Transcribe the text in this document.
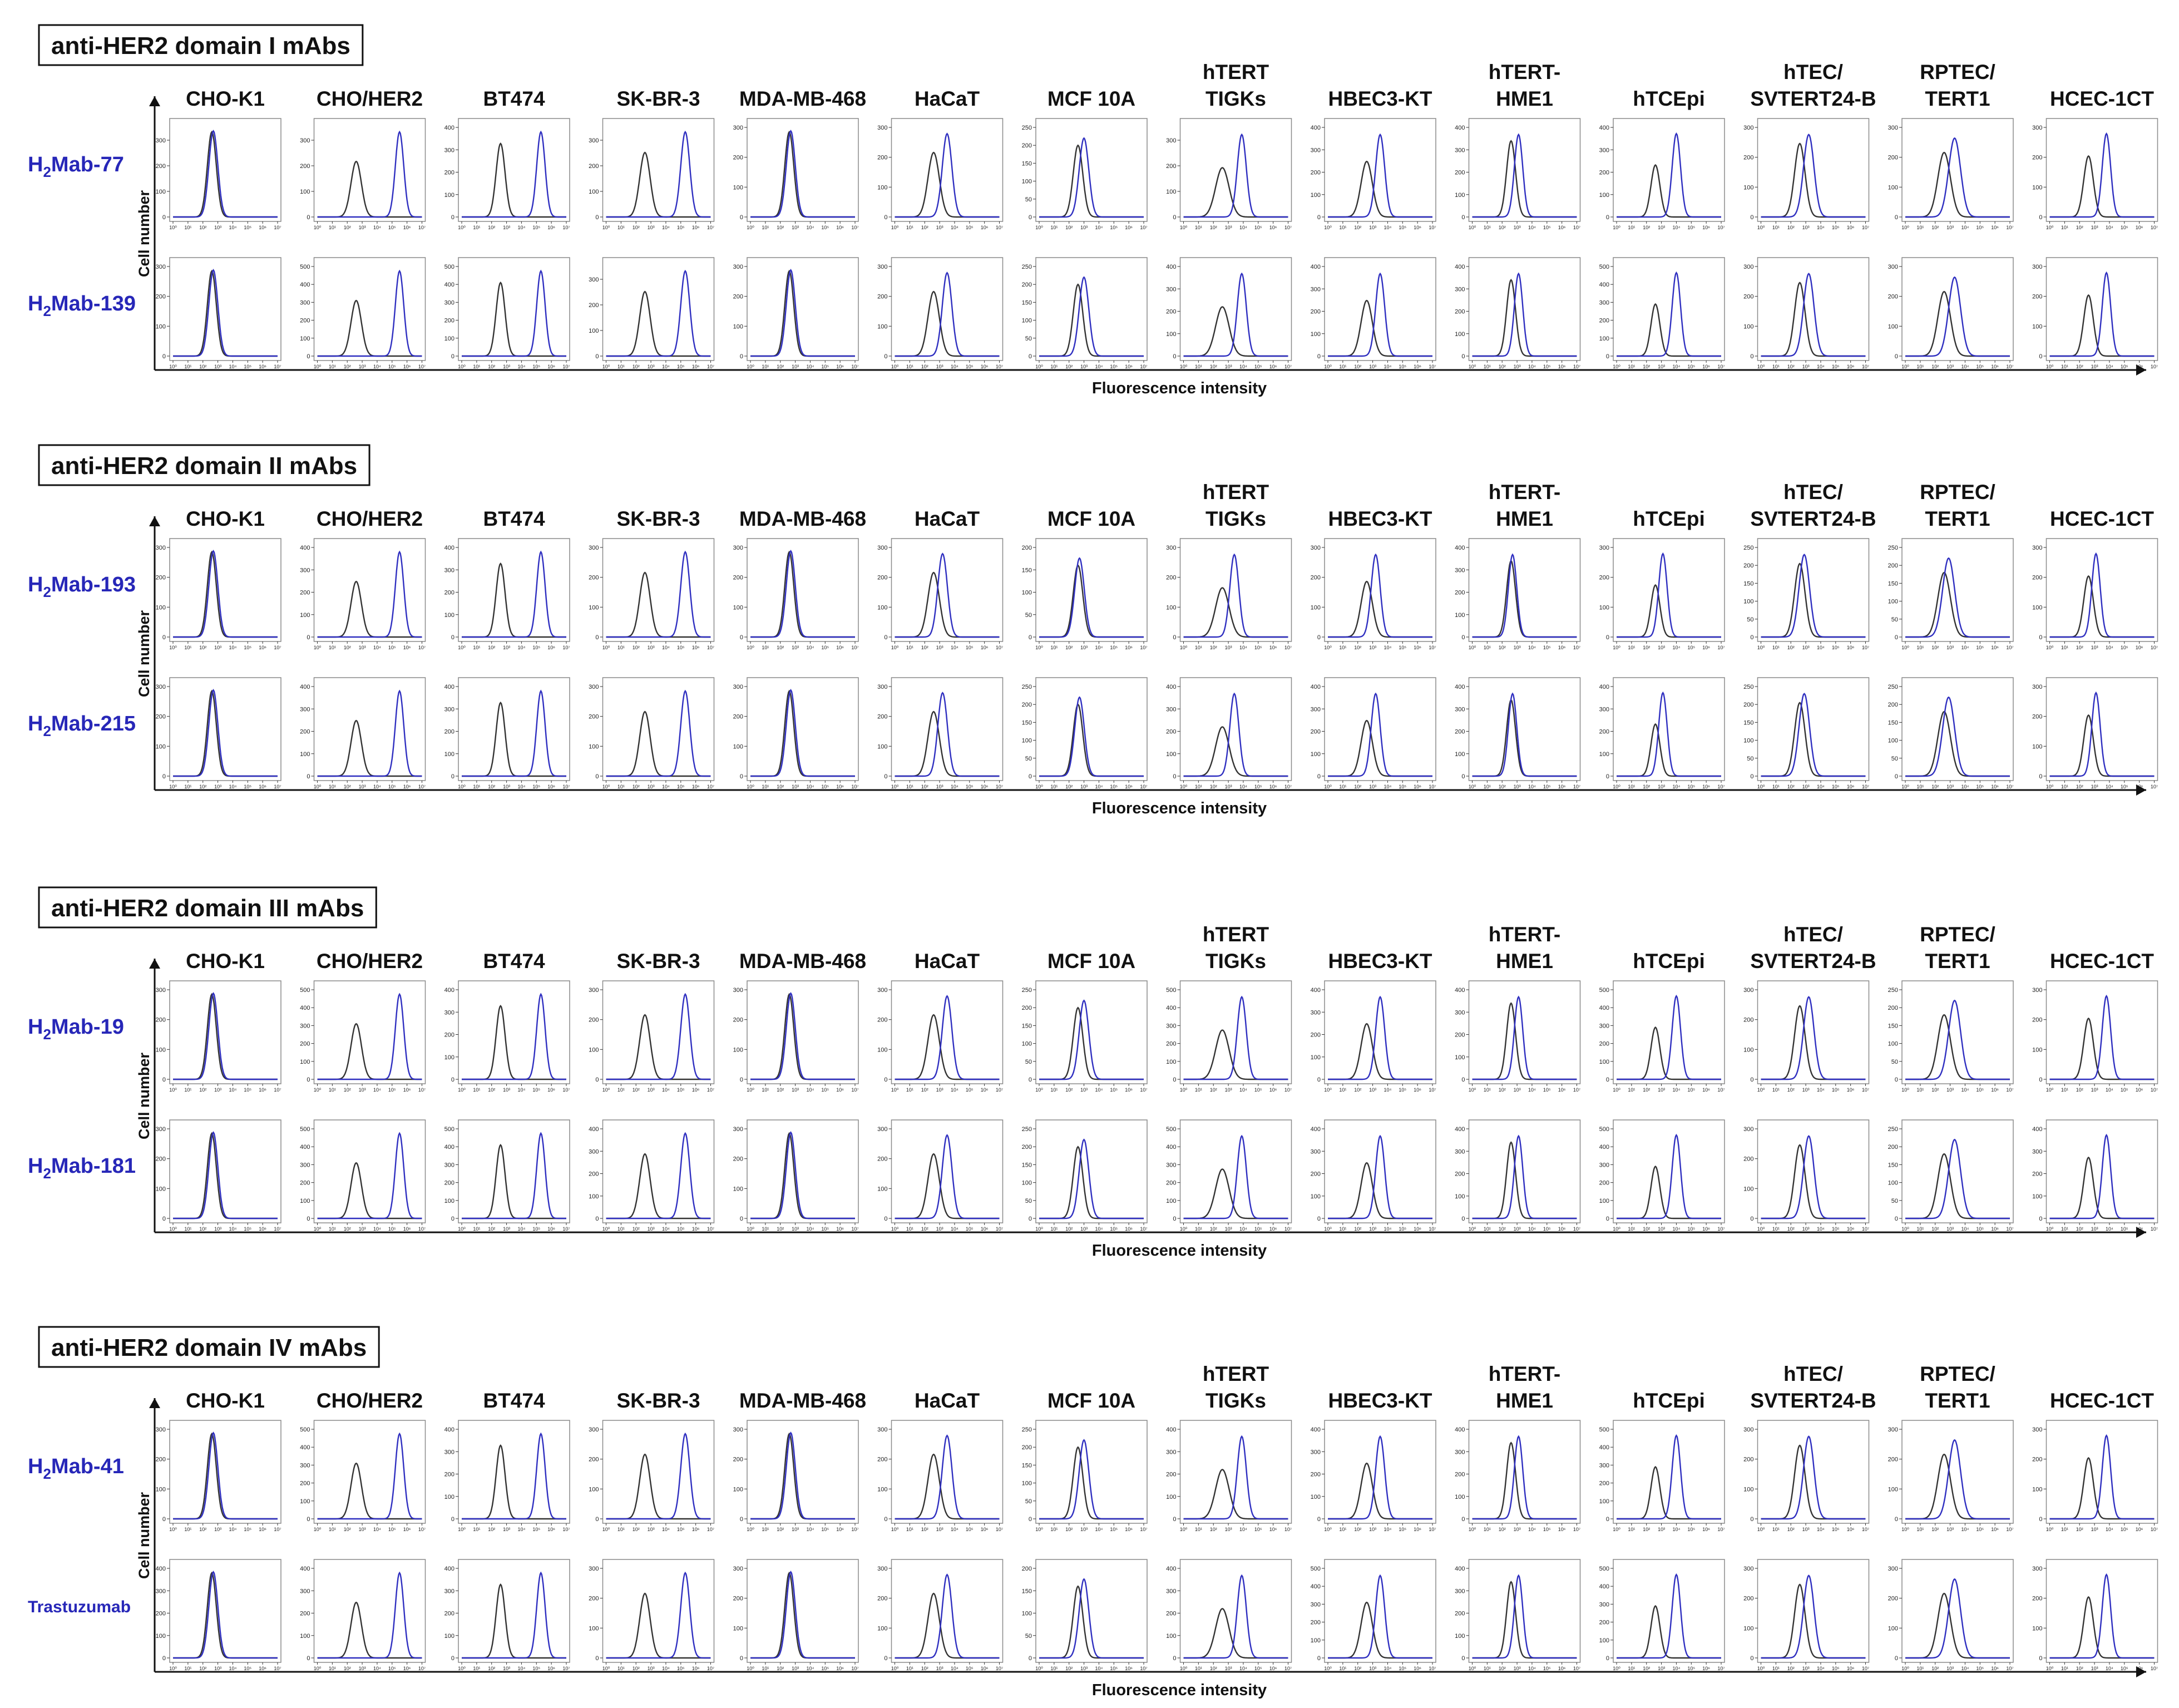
anti-HER2 domain I mAbs
CHO-K1	CHO/HER2	BT474	SK-BR-3 MDA-MB-468 HaCaT	MCF 10A
hTERT
TIGKs	HBEC3-KT
hTERT-
HME1	hTCEpi
hTEC/
SVTERT24-B
RPTEC/
TERT1	HCEC-1CT
Cell number
Fluorescence intensity
$H_2Mab-77$
0
100
200
300
10⁰ 10¹ 10² 10³ 10⁴ 10⁵ 10⁶ 10⁷
0
100
200
300
10⁰ 10¹ 10² 10³ 10⁴ 10⁵ 10⁶ 10⁷
0
100
200
300
400
10⁰ 10¹ 10² 10³ 10⁴ 10⁵ 10⁶ 10⁷
0
100
200
300
10⁰ 10¹ 10² 10³ 10⁴ 10⁵ 10⁶ 10⁷
0
100
200
300
10⁰ 10¹ 10² 10³ 10⁴ 10⁵ 10⁶ 10⁷
0
100
200
300
10⁰ 10¹ 10² 10³ 10⁴ 10⁵ 10⁶ 10⁷
0
50
100
150
200
250
10⁰ 10¹ 10² 10³ 10⁴ 10⁵ 10⁶ 10⁷
0
100
200
300
10⁰ 10¹ 10² 10³ 10⁴ 10⁵ 10⁶ 10⁷
0
100
200
300
400
10⁰ 10¹ 10² 10³ 10⁴ 10⁵ 10⁶ 10⁷
0
100
200
300
400
10⁰ 10¹ 10² 10³ 10⁴ 10⁵ 10⁶ 10⁷
0
100
200
300
400
10⁰ 10¹ 10² 10³ 10⁴ 10⁵ 10⁶ 10⁷
0
100
200
300
10⁰ 10¹ 10² 10³ 10⁴ 10⁵ 10⁶ 10⁷
0
100
200
300
10⁰ 10¹ 10² 10³ 10⁴ 10⁵ 10⁶ 10⁷
0
100
200
300
10⁰ 10¹ 10² 10³ 10⁴ 10⁵ 10⁶ 10⁷
$H_2Mab-139$
0
100
200
300
10⁰ 10¹ 10² 10³ 10⁴ 10⁵ 10⁶ 10⁷
0
100
200
300
400
500
10⁰ 10¹ 10² 10³ 10⁴ 10⁵ 10⁶ 10⁷
0
100
200
300
400
500
10⁰ 10¹ 10² 10³ 10⁴ 10⁵ 10⁶ 10⁷
0
100
200
300
10⁰ 10¹ 10² 10³ 10⁴ 10⁵ 10⁶ 10⁷
0
100
200
300
10⁰ 10¹ 10² 10³ 10⁴ 10⁵ 10⁶ 10⁷
0
100
200
300
10⁰ 10¹ 10² 10³ 10⁴ 10⁵ 10⁶ 10⁷
0
50
100
150
200
250
10⁰ 10¹ 10² 10³ 10⁴ 10⁵ 10⁶ 10⁷
0
100
200
300
400
10⁰ 10¹ 10² 10³ 10⁴ 10⁵ 10⁶ 10⁷
0
100
200
300
400
10⁰ 10¹ 10² 10³ 10⁴ 10⁵ 10⁶ 10⁷
0
100
200
300
400
10⁰ 10¹ 10² 10³ 10⁴ 10⁵ 10⁶ 10⁷
0
100
200
300
400
500
10⁰ 10¹ 10² 10³ 10⁴ 10⁵ 10⁶ 10⁷
0
100
200
300
10⁰ 10¹ 10² 10³ 10⁴ 10⁵ 10⁶ 10⁷
0
100
200
300
10⁰ 10¹ 10² 10³ 10⁴ 10⁵ 10⁶ 10⁷
0
100
200
300
10⁰ 10¹ 10² 10³ 10⁴ 10⁵ 10⁶ 10⁷
anti-HER2 domain II mAbs
CHO-K1	CHO/HER2	BT474	SK-BR-3 MDA-MB-468 HaCaT	MCF 10A
hTERT
TIGKs	HBEC3-KT
hTERT-
HME1	hTCEpi
hTEC/
SVTERT24-B
RPTEC/
TERT1	HCEC-1CT
Cell number
Fluorescence intensity
$H_2Mab-193$
0
100
200
300
10⁰ 10¹ 10² 10³ 10⁴ 10⁵ 10⁶ 10⁷
0
100
200
300
400
10⁰ 10¹ 10² 10³ 10⁴ 10⁵ 10⁶ 10⁷
0
100
200
300
400
10⁰ 10¹ 10² 10³ 10⁴ 10⁵ 10⁶ 10⁷
0
100
200
300
10⁰ 10¹ 10² 10³ 10⁴ 10⁵ 10⁶ 10⁷
0
100
200
300
10⁰ 10¹ 10² 10³ 10⁴ 10⁵ 10⁶ 10⁷
0
100
200
300
10⁰ 10¹ 10² 10³ 10⁴ 10⁵ 10⁶ 10⁷
0
50
100
150
200
10⁰ 10¹ 10² 10³ 10⁴ 10⁵ 10⁶ 10⁷
0
100
200
300
10⁰ 10¹ 10² 10³ 10⁴ 10⁵ 10⁶ 10⁷
0
100
200
300
10⁰ 10¹ 10² 10³ 10⁴ 10⁵ 10⁶ 10⁷
0
100
200
300
400
10⁰ 10¹ 10² 10³ 10⁴ 10⁵ 10⁶ 10⁷
0
100
200
300
10⁰ 10¹ 10² 10³ 10⁴ 10⁵ 10⁶ 10⁷
0
50
100
150
200
250
10⁰ 10¹ 10² 10³ 10⁴ 10⁵ 10⁶ 10⁷
0
50
100
150
200
250
10⁰ 10¹ 10² 10³ 10⁴ 10⁵ 10⁶ 10⁷
0
100
200
300
10⁰ 10¹ 10² 10³ 10⁴ 10⁵ 10⁶ 10⁷
$H_2Mab-215$
0
100
200
300
10⁰ 10¹ 10² 10³ 10⁴ 10⁵ 10⁶ 10⁷
0
100
200
300
400
10⁰ 10¹ 10² 10³ 10⁴ 10⁵ 10⁶ 10⁷
0
100
200
300
400
10⁰ 10¹ 10² 10³ 10⁴ 10⁵ 10⁶ 10⁷
0
100
200
300
10⁰ 10¹ 10² 10³ 10⁴ 10⁵ 10⁶ 10⁷
0
100
200
300
10⁰ 10¹ 10² 10³ 10⁴ 10⁵ 10⁶ 10⁷
0
100
200
300
10⁰ 10¹ 10² 10³ 10⁴ 10⁵ 10⁶ 10⁷
0
50
100
150
200
250
10⁰ 10¹ 10² 10³ 10⁴ 10⁵ 10⁶ 10⁷
0
100
200
300
400
10⁰ 10¹ 10² 10³ 10⁴ 10⁵ 10⁶ 10⁷
0
100
200
300
400
10⁰ 10¹ 10² 10³ 10⁴ 10⁵ 10⁶ 10⁷
0
100
200
300
400
10⁰ 10¹ 10² 10³ 10⁴ 10⁵ 10⁶ 10⁷
0
100
200
300
400
10⁰ 10¹ 10² 10³ 10⁴ 10⁵ 10⁶ 10⁷
0
50
100
150
200
250
10⁰ 10¹ 10² 10³ 10⁴ 10⁵ 10⁶ 10⁷
0
50
100
150
200
250
10⁰ 10¹ 10² 10³ 10⁴ 10⁵ 10⁶ 10⁷
0
100
200
300
10⁰ 10¹ 10² 10³ 10⁴ 10⁵ 10⁶ 10⁷
anti-HER2 domain III mAbs
CHO-K1	CHO/HER2	BT474	SK-BR-3 MDA-MB-468 HaCaT	MCF 10A
hTERT
TIGKs	HBEC3-KT
hTERT-
HME1	hTCEpi
hTEC/
SVTERT24-B
RPTEC/
TERT1	HCEC-1CT
Cell number
Fluorescence intensity
$H_2Mab-19$
0
100
200
300
10⁰ 10¹ 10² 10³ 10⁴ 10⁵ 10⁶ 10⁷
0
100
200
300
400
500
10⁰ 10¹ 10² 10³ 10⁴ 10⁵ 10⁶ 10⁷
0
100
200
300
400
10⁰ 10¹ 10² 10³ 10⁴ 10⁵ 10⁶ 10⁷
0
100
200
300
10⁰ 10¹ 10² 10³ 10⁴ 10⁵ 10⁶ 10⁷
0
100
200
300
10⁰ 10¹ 10² 10³ 10⁴ 10⁵ 10⁶ 10⁷
0
100
200
300
10⁰ 10¹ 10² 10³ 10⁴ 10⁵ 10⁶ 10⁷
0
50
100
150
200
250
10⁰ 10¹ 10² 10³ 10⁴ 10⁵ 10⁶ 10⁷
0
100
200
300
400
500
10⁰ 10¹ 10² 10³ 10⁴ 10⁵ 10⁶ 10⁷
0
100
200
300
400
10⁰ 10¹ 10² 10³ 10⁴ 10⁵ 10⁶ 10⁷
0
100
200
300
400
10⁰ 10¹ 10² 10³ 10⁴ 10⁵ 10⁶ 10⁷
0
100
200
300
400
500
10⁰ 10¹ 10² 10³ 10⁴ 10⁵ 10⁶ 10⁷
0
100
200
300
10⁰ 10¹ 10² 10³ 10⁴ 10⁵ 10⁶ 10⁷
0
50
100
150
200
250
10⁰ 10¹ 10² 10³ 10⁴ 10⁵ 10⁶ 10⁷
0
100
200
300
10⁰ 10¹ 10² 10³ 10⁴ 10⁵ 10⁶ 10⁷
$H_2Mab-181$
0
100
200
300
10⁰ 10¹ 10² 10³ 10⁴ 10⁵ 10⁶ 10⁷
0
100
200
300
400
500
10⁰ 10¹ 10² 10³ 10⁴ 10⁵ 10⁶ 10⁷
0
100
200
300
400
500
10⁰ 10¹ 10² 10³ 10⁴ 10⁵ 10⁶ 10⁷
0
100
200
300
400
10⁰ 10¹ 10² 10³ 10⁴ 10⁵ 10⁶ 10⁷
0
100
200
300
10⁰ 10¹ 10² 10³ 10⁴ 10⁵ 10⁶ 10⁷
0
100
200
300
10⁰ 10¹ 10² 10³ 10⁴ 10⁵ 10⁶ 10⁷
0
50
100
150
200
250
10⁰ 10¹ 10² 10³ 10⁴ 10⁵ 10⁶ 10⁷
0
100
200
300
400
500
10⁰ 10¹ 10² 10³ 10⁴ 10⁵ 10⁶ 10⁷
0
100
200
300
400
10⁰ 10¹ 10² 10³ 10⁴ 10⁵ 10⁶ 10⁷
0
100
200
300
400
10⁰ 10¹ 10² 10³ 10⁴ 10⁵ 10⁶ 10⁷
0
100
200
300
400
500
10⁰ 10¹ 10² 10³ 10⁴ 10⁵ 10⁶ 10⁷
0
100
200
300
10⁰ 10¹ 10² 10³ 10⁴ 10⁵ 10⁶ 10⁷
0
50
100
150
200
250
10⁰ 10¹ 10² 10³ 10⁴ 10⁵ 10⁶ 10⁷
0
100
200
300
400
10⁰ 10¹ 10² 10³ 10⁴ 10⁵ 10⁶ 10⁷
anti-HER2 domain IV mAbs
CHO-K1	CHO/HER2	BT474	SK-BR-3 MDA-MB-468 HaCaT	MCF 10A
hTERT
TIGKs	HBEC3-KT
hTERT-
HME1	hTCEpi
hTEC/
SVTERT24-B
RPTEC/
TERT1	HCEC-1CT
Cell number
Fluorescence intensity
$H_2Mab-41$
0
100
200
300
10⁰ 10¹ 10² 10³ 10⁴ 10⁵ 10⁶ 10⁷
0
100
200
300
400
500
10⁰ 10¹ 10² 10³ 10⁴ 10⁵ 10⁶ 10⁷
0
100
200
300
400
10⁰ 10¹ 10² 10³ 10⁴ 10⁵ 10⁶ 10⁷
0
100
200
300
10⁰ 10¹ 10² 10³ 10⁴ 10⁵ 10⁶ 10⁷
0
100
200
300
10⁰ 10¹ 10² 10³ 10⁴ 10⁵ 10⁶ 10⁷
0
100
200
300
10⁰ 10¹ 10² 10³ 10⁴ 10⁵ 10⁶ 10⁷
0
50
100
150
200
250
10⁰ 10¹ 10² 10³ 10⁴ 10⁵ 10⁶ 10⁷
0
100
200
300
400
10⁰ 10¹ 10² 10³ 10⁴ 10⁵ 10⁶ 10⁷
0
100
200
300
400
10⁰ 10¹ 10² 10³ 10⁴ 10⁵ 10⁶ 10⁷
0
100
200
300
400
10⁰ 10¹ 10² 10³ 10⁴ 10⁵ 10⁶ 10⁷
0
100
200
300
400
500
10⁰ 10¹ 10² 10³ 10⁴ 10⁵ 10⁶ 10⁷
0
100
200
300
10⁰ 10¹ 10² 10³ 10⁴ 10⁵ 10⁶ 10⁷
0
100
200
300
10⁰ 10¹ 10² 10³ 10⁴ 10⁵ 10⁶ 10⁷
0
100
200
300
10⁰ 10¹ 10² 10³ 10⁴ 10⁵ 10⁶ 10⁷
Trastuzumab
0
100
200
300
400
10⁰ 10¹ 10² 10³ 10⁴ 10⁵ 10⁶ 10⁷
0
100
200
300
400
10⁰ 10¹ 10² 10³ 10⁴ 10⁵ 10⁶ 10⁷
0
100
200
300
400
10⁰ 10¹ 10² 10³ 10⁴ 10⁵ 10⁶ 10⁷
0
100
200
300
10⁰ 10¹ 10² 10³ 10⁴ 10⁵ 10⁶ 10⁷
0
100
200
300
10⁰ 10¹ 10² 10³ 10⁴ 10⁵ 10⁶ 10⁷
0
100
200
300
10⁰ 10¹ 10² 10³ 10⁴ 10⁵ 10⁶ 10⁷
0
50
100
150
200
10⁰ 10¹ 10² 10³ 10⁴ 10⁵ 10⁶ 10⁷
0
100
200
300
400
10⁰ 10¹ 10² 10³ 10⁴ 10⁵ 10⁶ 10⁷
0
100
200
300
400
500
10⁰ 10¹ 10² 10³ 10⁴ 10⁵ 10⁶ 10⁷
0
100
200
300
400
10⁰ 10¹ 10² 10³ 10⁴ 10⁵ 10⁶ 10⁷
0
100
200
300
400
500
10⁰ 10¹ 10² 10³ 10⁴ 10⁵ 10⁶ 10⁷
0
100
200
300
10⁰ 10¹ 10² 10³ 10⁴ 10⁵ 10⁶ 10⁷
0
100
200
300
10⁰ 10¹ 10² 10³ 10⁴ 10⁵ 10⁶ 10⁷
0
100
200
300
10⁰ 10¹ 10² 10³ 10⁴ 10⁵ 10⁶ 10⁷
